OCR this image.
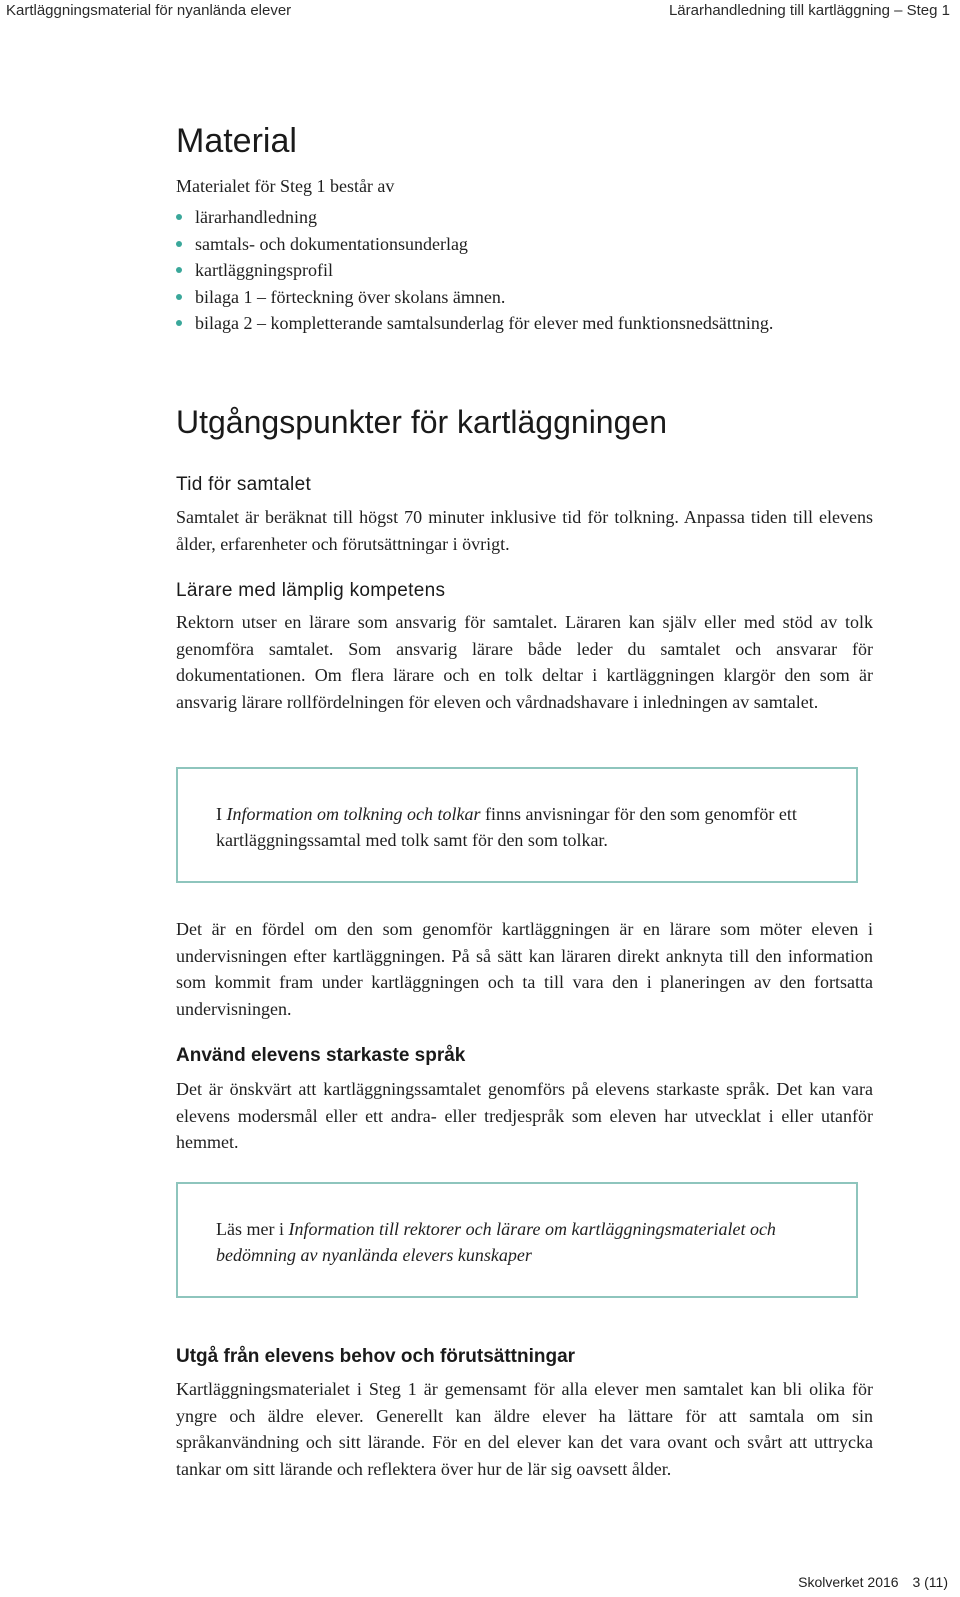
Kartläggningsmaterial för nyanlända elever	Lärarhandledning till kartläggning – Steg 1
Material
Materialet för Steg 1 består av
lärarhandledning
samtals- och dokumentationsunderlag
kartläggningsprofil
bilaga 1 – förteckning över skolans ämnen.
bilaga 2 – kompletterande samtalsunderlag för elever med funktionsnedsättning.
Utgångspunkter för kartläggningen
Tid för samtalet

Samtalet är beräknat till högst 70 minuter inklusive tid för tolkning. Anpassa tiden till elevens ålder, erfarenheter och förutsättningar i övrigt.

Lärare med lämplig kompetens

Rektorn utser en lärare som ansvarig för samtalet. Läraren kan själv eller med stöd av tolk genomföra samtalet. Som ansvarig lärare både leder du samtalet och ansvarar för dokumentationen. Om flera lärare och en tolk deltar i kartläggningen klargör den som är ansvarig lärare rollfördelningen för eleven och vårdnadshavare i inledningen av samtalet.

Det är en fördel om den som genomför kartläggningen är en lärare som möter eleven i undervisningen efter kartläggningen. På så sätt kan läraren direkt anknyta till den information som kommit fram under kartläggningen och ta till vara den i planeringen av den fortsatta undervisningen.

Använd elevens starkaste språk

Det är önskvärt att kartläggningssamtalet genomförs på elevens starkaste språk. Det kan vara elevens modersmål eller ett andra- eller tredjespråk som eleven har utvecklat i eller utanför hemmet.

Utgå från elevens behov och förutsättningar

Kartläggningsmaterialet i Steg 1 är gemensamt för alla elever men samtalet kan bli olika för yngre och äldre elever. Generellt kan äldre elever ha lättare för att samtala om sin språkanvändning och sitt lärande. För en del elever kan det vara ovant och svårt att uttrycka tankar om sitt lärande och reflektera över hur de lär sig oavsett ålder.

I Information om tolkning och tolkar finns anvisningar för den som genomför ett kartläggningssamtal med tolk samt för den som tolkar.

Läs mer i Information till rektorer och lärare om kartläggningsmaterialet och bedömning av nyanlända elevers kunskaper

Skolverket 2016 3 (11)
